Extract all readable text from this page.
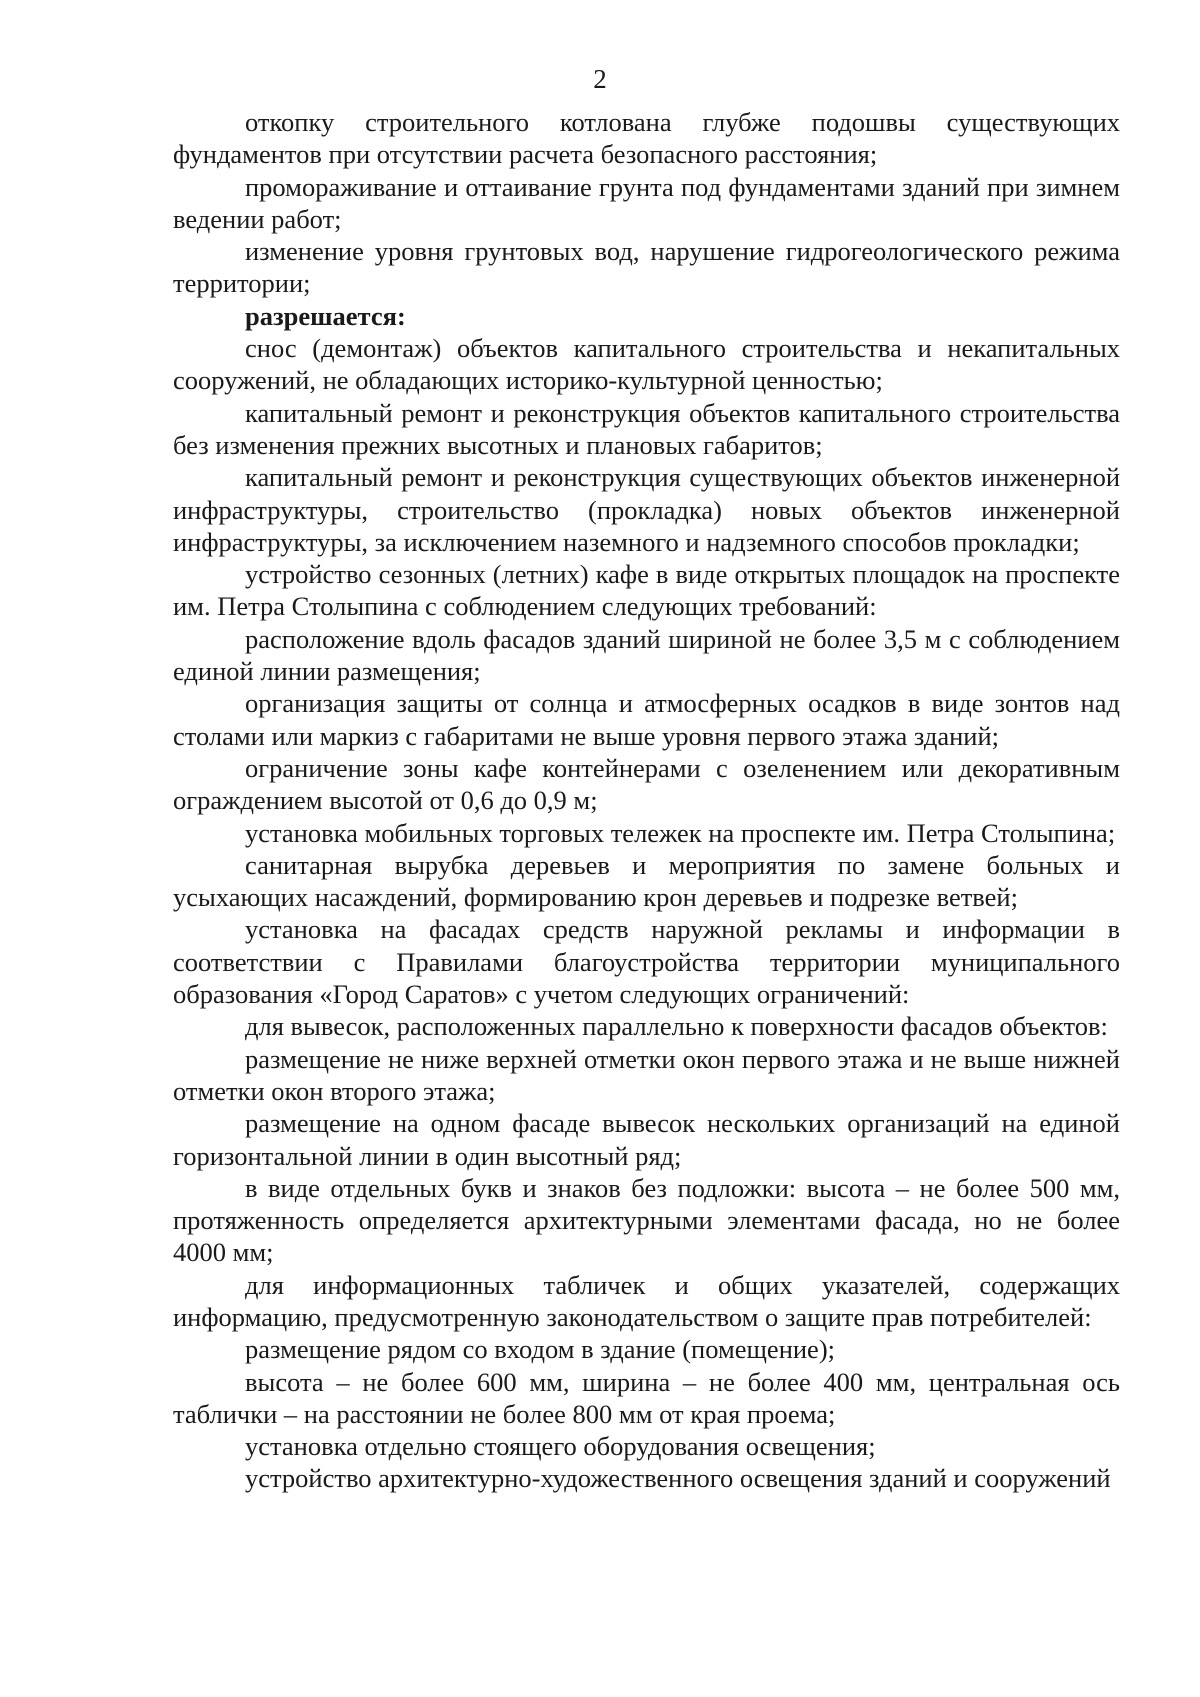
2

откопку строительного котлована глубже подошвы существующих фундаментов при отсутствии расчета безопасного расстояния;

промораживание и оттаивание грунта под фундаментами зданий при зимнем ведении работ;

изменение уровня грунтовых вод, нарушение гидрогеологического режима территории;

разрешается:

снос (демонтаж) объектов капитального строительства и некапитальных сооружений, не обладающих историко-культурной ценностью;

капитальный ремонт и реконструкция объектов капитального строительства без изменения прежних высотных и плановых габаритов;

капитальный ремонт и реконструкция существующих объектов инженерной инфраструктуры, строительство (прокладка) новых объектов инженерной инфраструктуры, за исключением наземного и надземного способов прокладки;

устройство сезонных (летних) кафе в виде открытых площадок на проспекте им. Петра Столыпина с соблюдением следующих требований:

расположение вдоль фасадов зданий шириной не более 3,5 м с соблюдением единой линии размещения;

организация защиты от солнца и атмосферных осадков в виде зонтов над столами или маркиз с габаритами не выше уровня первого этажа зданий;

ограничение зоны кафе контейнерами с озеленением или декоративным ограждением высотой от 0,6 до 0,9 м;

установка мобильных торговых тележек на проспекте им. Петра Столыпина;

санитарная вырубка деревьев и мероприятия по замене больных и усыхающих насаждений, формированию крон деревьев и подрезке ветвей;

установка на фасадах средств наружной рекламы и информации в соответствии с Правилами благоустройства территории муниципального образования «Город Саратов» с учетом следующих ограничений:

для вывесок, расположенных параллельно к поверхности фасадов объектов:

размещение не ниже верхней отметки окон первого этажа и не выше нижней отметки окон второго этажа;

размещение на одном фасаде вывесок нескольких организаций на единой горизонтальной линии в один высотный ряд;

в виде отдельных букв и знаков без подложки: высота – не более 500 мм, протяженность определяется архитектурными элементами фасада, но не более 4000 мм;

для информационных табличек и общих указателей, содержащих информацию, предусмотренную законодательством о защите прав потребителей:

размещение рядом со входом в здание (помещение);

высота – не более 600 мм, ширина – не более 400 мм, центральная ось таблички – на расстоянии не более 800 мм от края проема;

установка отдельно стоящего оборудования освещения;

устройство архитектурно-художественного освещения зданий и сооружений
